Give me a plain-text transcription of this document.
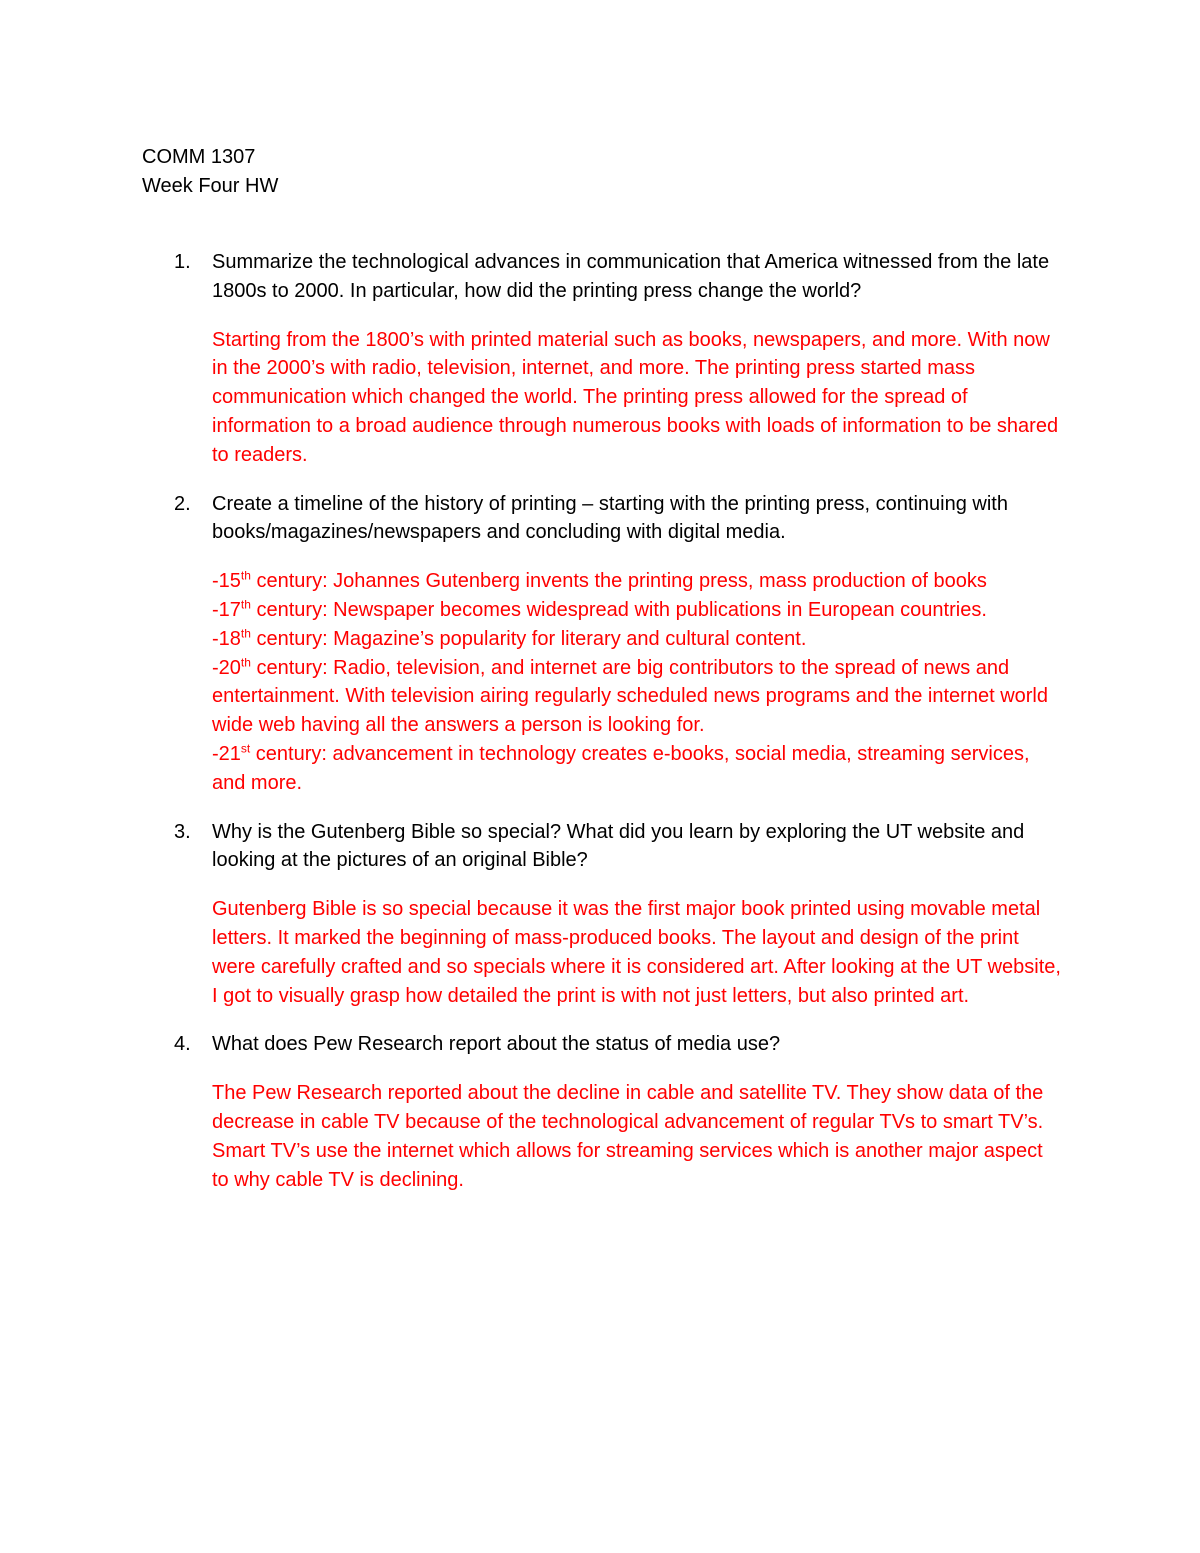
COMM 1307
Week Four HW
1. Summarize the technological advances in communication that America witnessed from the late 1800s to 2000. In particular, how did the printing press change the world?

Starting from the 1800’s with printed material such as books, newspapers, and more. With now in the 2000’s with radio, television, internet, and more. The printing press started mass communication which changed the world. The printing press allowed for the spread of information to a broad audience through numerous books with loads of information to be shared to readers.

2. Create a timeline of the history of printing – starting with the printing press, continuing with books/magazines/newspapers and concluding with digital media.

-15th century: Johannes Gutenberg invents the printing press, mass production of books
-17th century: Newspaper becomes widespread with publications in European countries.
-18th century: Magazine’s popularity for literary and cultural content.
-20th century: Radio, television, and internet are big contributors to the spread of news and entertainment. With television airing regularly scheduled news programs and the internet world wide web having all the answers a person is looking for.
-21st century: advancement in technology creates e-books, social media, streaming services, and more.
3. Why is the Gutenberg Bible so special? What did you learn by exploring the UT website and looking at the pictures of an original Bible?

Gutenberg Bible is so special because it was the first major book printed using movable metal letters. It marked the beginning of mass-produced books. The layout and design of the print were carefully crafted and so specials where it is considered art. After looking at the UT website, I got to visually grasp how detailed the print is with not just letters, but also printed art.

4. What does Pew Research report about the status of media use?

The Pew Research reported about the decline in cable and satellite TV. They show data of the decrease in cable TV because of the technological advancement of regular TVs to smart TV’s. Smart TV’s use the internet which allows for streaming services which is another major aspect to why cable TV is declining.
